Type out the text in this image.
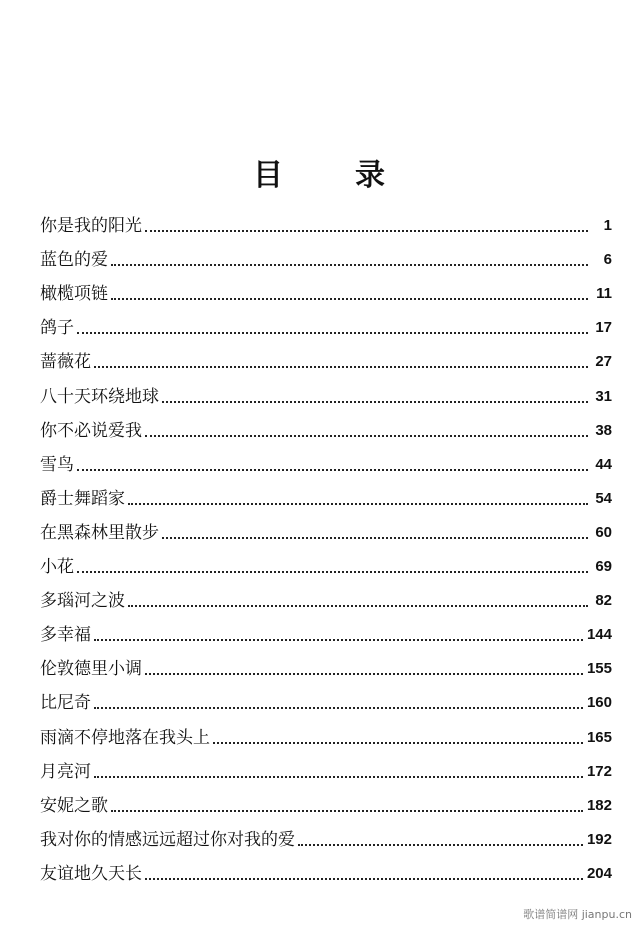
目 录
你是我的阳光	1
蓝色的爱	6
橄榄项链	11
鸽子	17
蔷薇花	27
八十天环绕地球	31
你不必说爱我	38
雪鸟	44
爵士舞蹈家	54
在黑森林里散步	60
小花	69
多瑙河之波	82
多幸福	144
伦敦德里小调	155
比尼奇	160
雨滴不停地落在我头上	165
月亮河	172
安妮之歌	182
我对你的情感远远超过你对我的爱	192
友谊地久天长	204
歌谱简谱网 jianpu.cn
